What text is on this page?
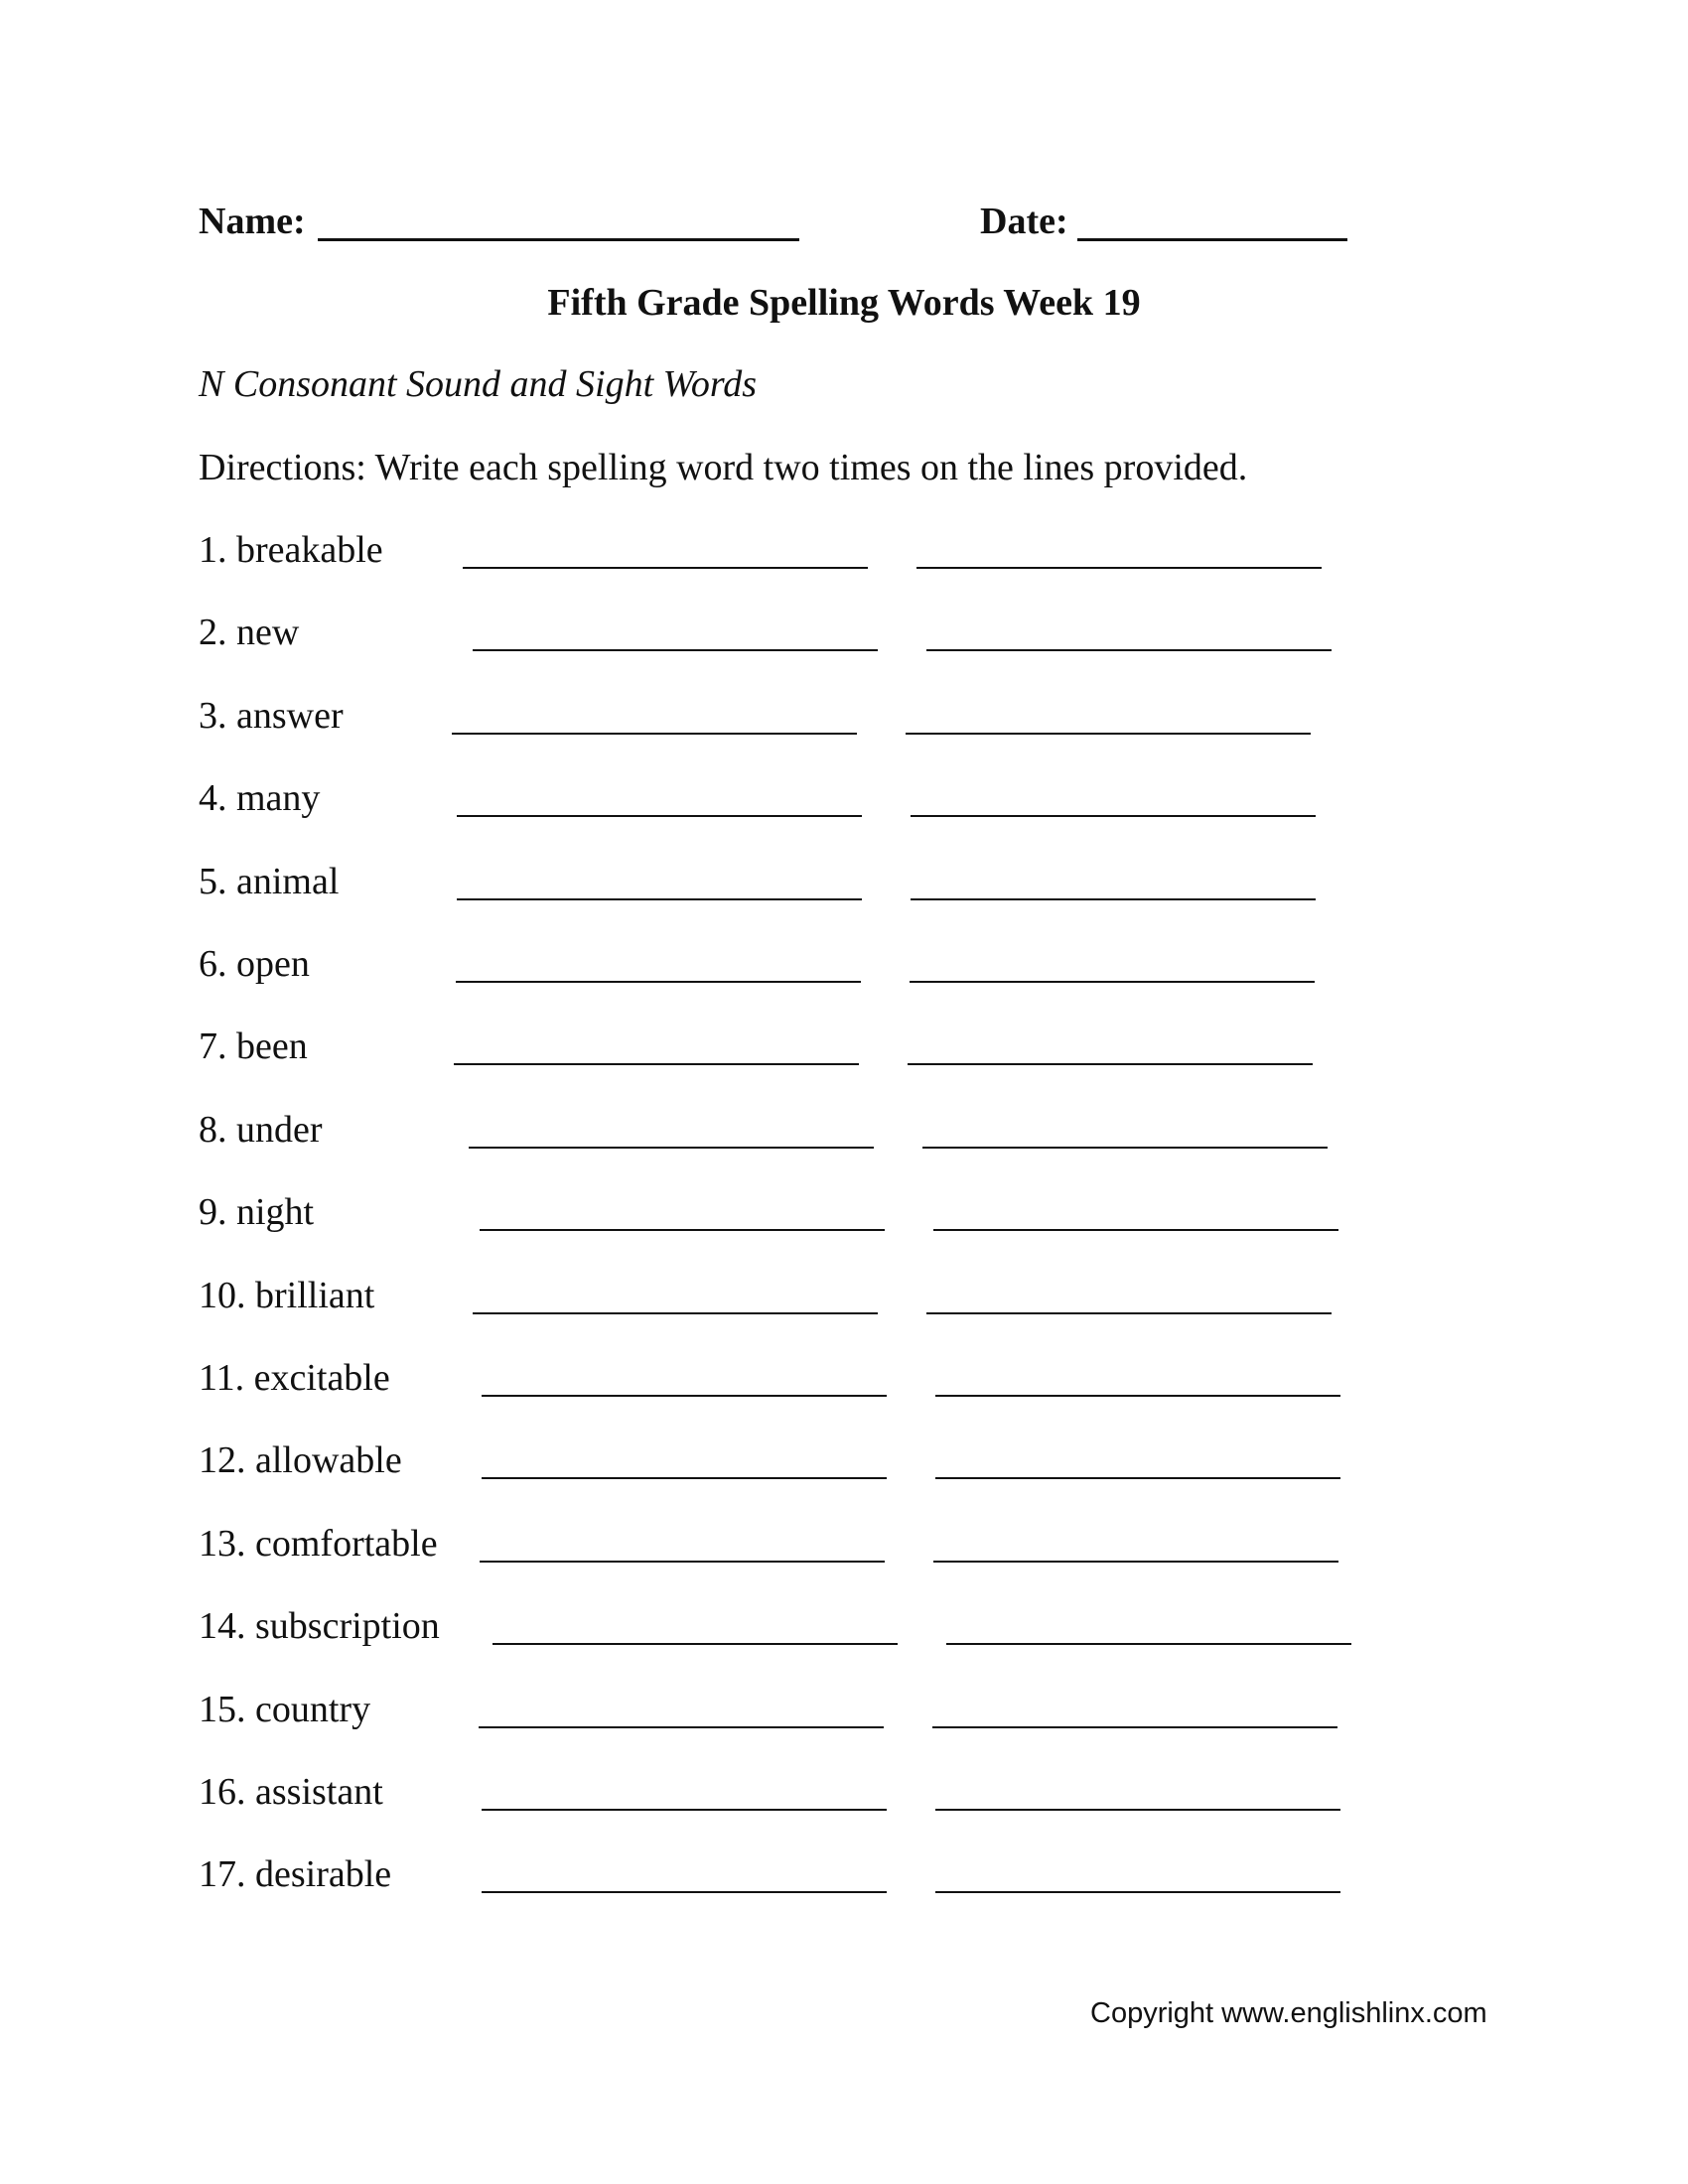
Name:	Date:
Fifth Grade Spelling Words Week 19
N Consonant Sound and Sight Words
Directions: Write each spelling word two times on the lines provided.
1. breakable
2. new
3. answer
4. many
5. animal
6. open
7. been
8. under
9. night
10. brilliant
11. excitable
12. allowable
13. comfortable
14. subscription
15. country
16. assistant
17. desirable
Copyright www.englishlinx.com
